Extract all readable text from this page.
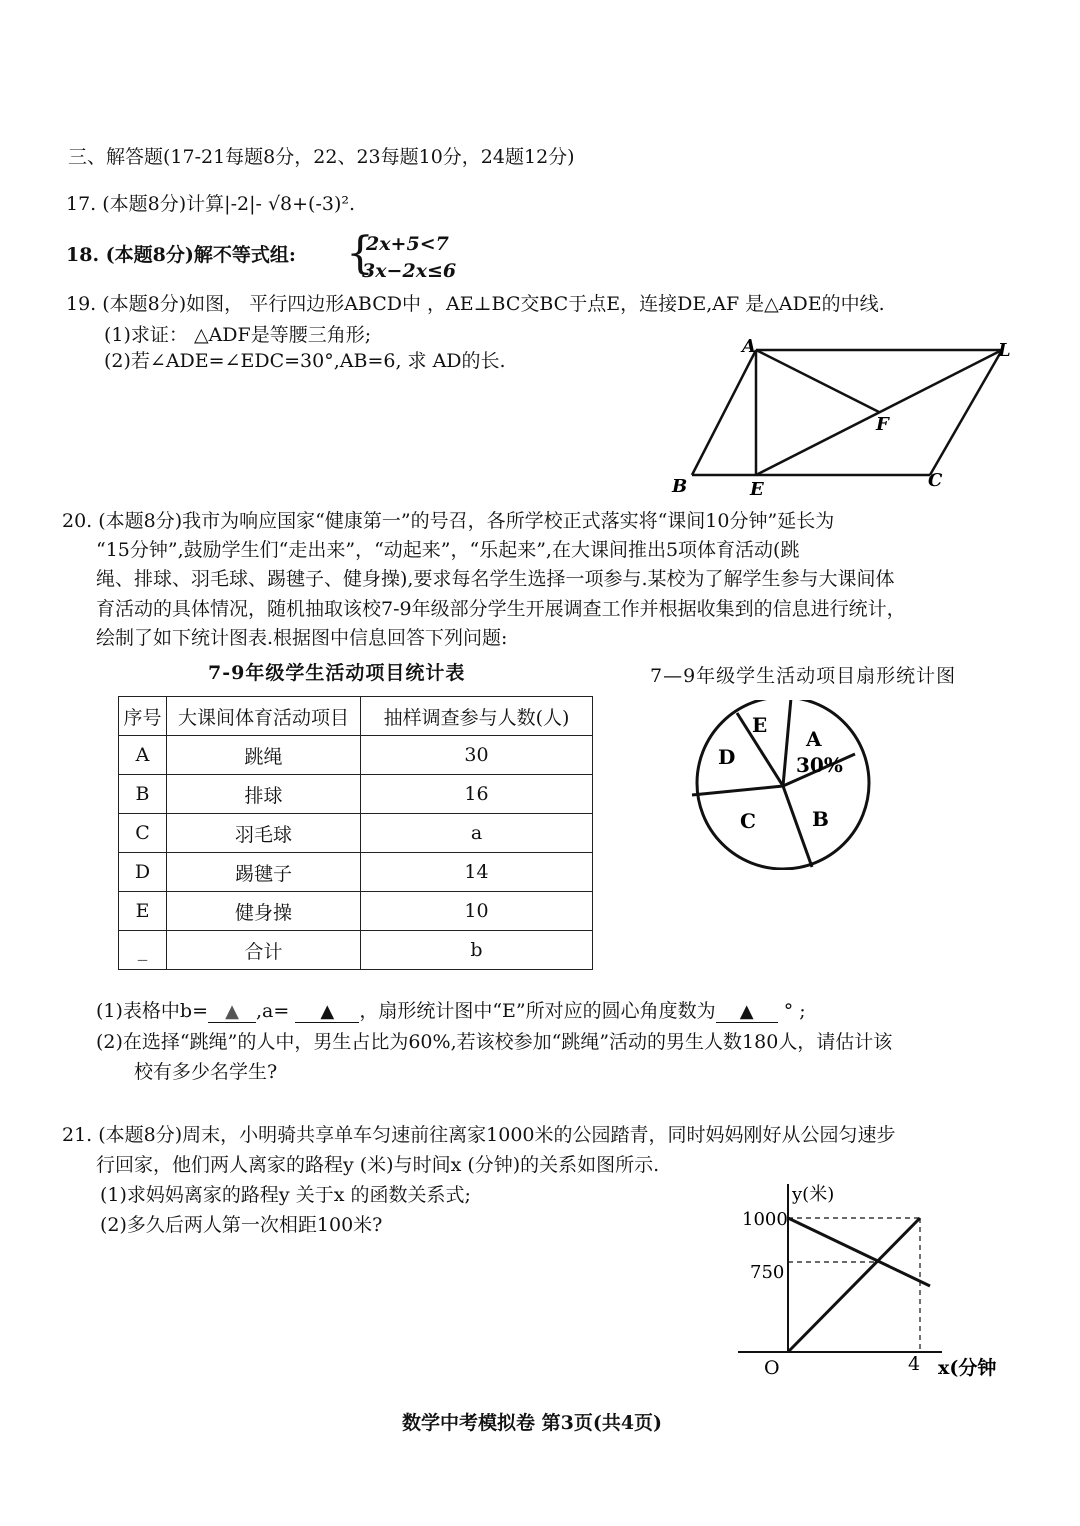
三、解答题(17-21每题8分，22、23每题10分，24题12分)
17. (本题8分)计算|-2|- √8+(-3)².
18. (本题8分)解不等式组: {
2x+5<7
3x−2x≤6
19. (本题8分)如图， 平行四边形ABCD中 ，AE⊥BC交BC于点E，连接DE,AF 是△ADE的中线.
(1)求证： △ADF是等腰三角形;
(2)若∠ADE=∠EDC=30°,AB=6, 求 AD的长.
A	L
F
B	E	C
20. (本题8分)我市为响应国家“健康第一”的号召，各所学校正式落实将“课间10分钟”延长为
“15分钟”,鼓励学生们“走出来”，“动起来”，“乐起来”,在大课间推出5项体育活动(跳
绳、排球、羽毛球、踢毽子、健身操),要求每名学生选择一项参与.某校为了解学生参与大课间体
育活动的具体情况，随机抽取该校7-9年级部分学生开展调查工作并根据收集到的信息进行统计，
绘制了如下统计图表.根据图中信息回答下列问题:
7-9年级学生活动项目统计表	7—9年级学生活动项目扇形统计图
序号	大课间体育活动项目	抽样调查参与人数(人)
A	跳绳	30
B	排球	16
C	羽毛球	a
D	踢毽子	14
E	健身操	10
_	合计	b
E
A
30%
D
C	B
(1)表格中b= ▲ ,a= ▲ ，扇形统计图中“E”所对应的圆心角度数为 ▲ ° ;
(2)在选择“跳绳”的人中，男生占比为60%,若该校参加“跳绳”活动的男生人数180人，请估计该
校有多少名学生?
21. (本题8分)周末，小明骑共享单车匀速前往离家1000米的公园踏青，同时妈妈刚好从公园匀速步
行回家，他们两人离家的路程y (米)与时间x (分钟)的关系如图所示.
(1)求妈妈离家的路程y 关于x 的函数关系式;
(2)多久后两人第一次相距100米?
y(米)
1000
750
O	4 x(分钟
数学中考模拟卷 第3页(共4页)
